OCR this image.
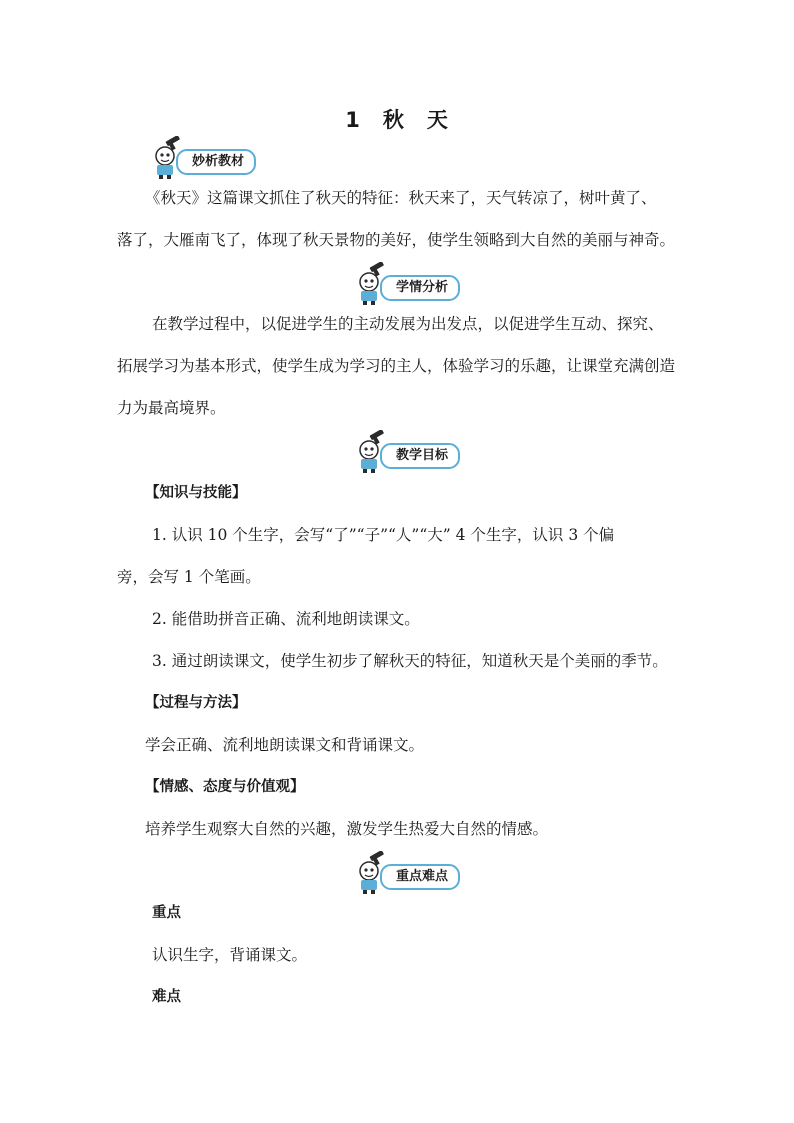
1 秋 天
妙析教材
《秋天》这篇课文抓住了秋天的特征：秋天来了，天气转凉了，树叶黄了、
落了，大雁南飞了，体现了秋天景物的美好，使学生领略到大自然的美丽与神奇。
学情分析
在教学过程中，以促进学生的主动发展为出发点，以促进学生互动、探究、
拓展学习为基本形式，使学生成为学习的主人，体验学习的乐趣，让课堂充满创造
力为最高境界。
教学目标
【知识与技能】
1. 认识 10 个生字，会写“了”“子”“人”“大” 4 个生字，认识 3 个偏
旁，会写 1 个笔画。
2. 能借助拼音正确、流利地朗读课文。
3. 通过朗读课文，使学生初步了解秋天的特征，知道秋天是个美丽的季节。
【过程与方法】
学会正确、流利地朗读课文和背诵课文。
【情感、态度与价值观】
培养学生观察大自然的兴趣，激发学生热爱大自然的情感。
重点难点
重点
认识生字，背诵课文。
难点
